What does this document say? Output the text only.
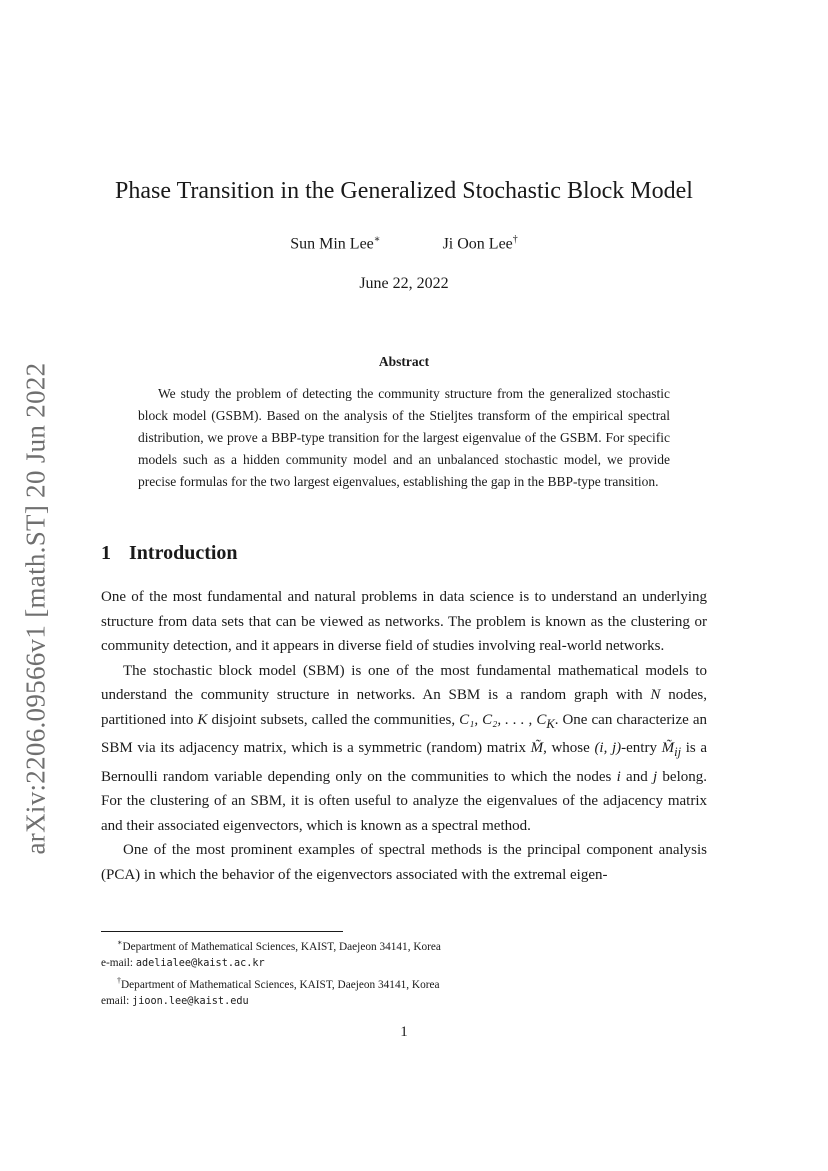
arXiv:2206.09566v1 [math.ST] 20 Jun 2022
Phase Transition in the Generalized Stochastic Block Model
Sun Min Lee∗	Ji Oon Lee†
June 22, 2022
Abstract

We study the problem of detecting the community structure from the generalized stochastic block model (GSBM). Based on the analysis of the Stieljtes transform of the empirical spectral distribution, we prove a BBP-type transition for the largest eigenvalue of the GSBM. For specific models such as a hidden community model and an unbalanced stochastic model, we provide precise formulas for the two largest eigenvalues, establishing the gap in the BBP-type transition.

1 Introduction

One of the most fundamental and natural problems in data science is to understand an underlying structure from data sets that can be viewed as networks. The problem is known as the clustering or community detection, and it appears in diverse field of studies involving real-world networks.

The stochastic block model (SBM) is one of the most fundamental mathematical models to understand the community structure in networks. An SBM is a random graph with N nodes, partitioned into K disjoint subsets, called the communities, C₁, C₂, . . . , $C_K$. One can characterize an SBM via its adjacency matrix, which is a symmetric (random) matrix M̃, whose (i, j)-entry $M̃_{ij}$ is a Bernoulli random variable depending only on the communities to which the nodes i and j belong. For the clustering of an SBM, it is often useful to analyze the eigenvalues of the adjacency matrix and their associated eigenvectors, which is known as a spectral method.

One of the most prominent examples of spectral methods is the principal component analysis (PCA) in which the behavior of the eigenvectors associated with the extremal eigen-

∗Department of Mathematical Sciences, KAIST, Daejeon 34141, Korea

e-mail: adelialee@kaist.ac.kr

†Department of Mathematical Sciences, KAIST, Daejeon 34141, Korea

email: jioon.lee@kaist.edu

1
